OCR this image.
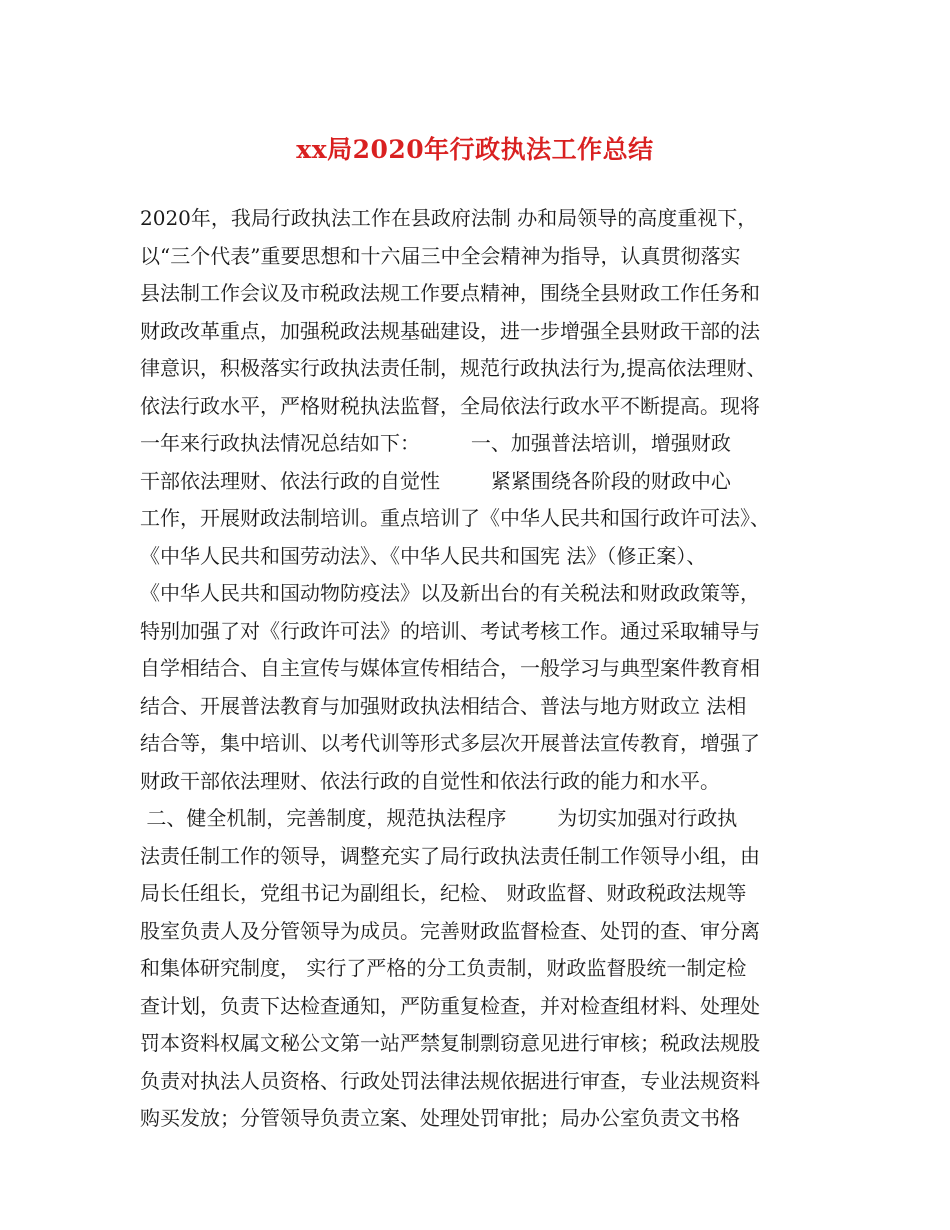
xx局2020年行政执法工作总结
2020年，我局行政执法工作在县政府法制 办和局领导的高度重视下，
以“三个代表”重要思想和十六届三中全会精神为指导，认真贯彻落实
县法制工作会议及市税政法规工作要点精神，围绕全县财政工作任务和
财政改革重点，加强税政法规基础建设，进一步增强全县财政干部的法
律意识，积极落实行政执法责任制，规范行政执法行为,提高依法理财、
依法行政水平，严格财税执法监督，全局依法行政水平不断提高。现将
一年来行政执法情况总结如下：        一、加强普法培训，增强财政
干部依法理财、依法行政的自觉性        紧紧围绕各阶段的财政中心
工作，开展财政法制培训。重点培训了《中华人民共和国行政许可法》、
《中华人民共和国劳动法》、《中华人民共和国宪 法》（修正案）、
《中华人民共和国动物防疫法》以及新出台的有关税法和财政政策等，
特别加强了对《行政许可法》的培训、考试考核工作。通过采取辅导与
自学相结合、自主宣传与媒体宣传相结合，一般学习与典型案件教育相
结合、开展普法教育与加强财政执法相结合、普法与地方财政立 法相
结合等，集中培训、以考代训等形式多层次开展普法宣传教育，增强了
财政干部依法理财、依法行政的自觉性和依法行政的能力和水平。
二、健全机制，完善制度，规范执法程序        为切实加强对行政执
法责任制工作的领导，调整充实了局行政执法责任制工作领导小组，由
局长任组长，党组书记为副组长，纪检、 财政监督、财政税政法规等
股室负责人及分管领导为成员。完善财政监督检查、处罚的查、审分离
和集体研究制度， 实行了严格的分工负责制，财政监督股统一制定检
查计划，负责下达检查通知，严防重复检查，并对检查组材料、处理处
罚本资料权属文秘公文第一站严禁复制剽窃意见进行审核；税政法规股
负责对执法人员资格、行政处罚法律法规依据进行审查，专业法规资料
购买发放；分管领导负责立案、处理处罚审批；局办公室负责文书格
